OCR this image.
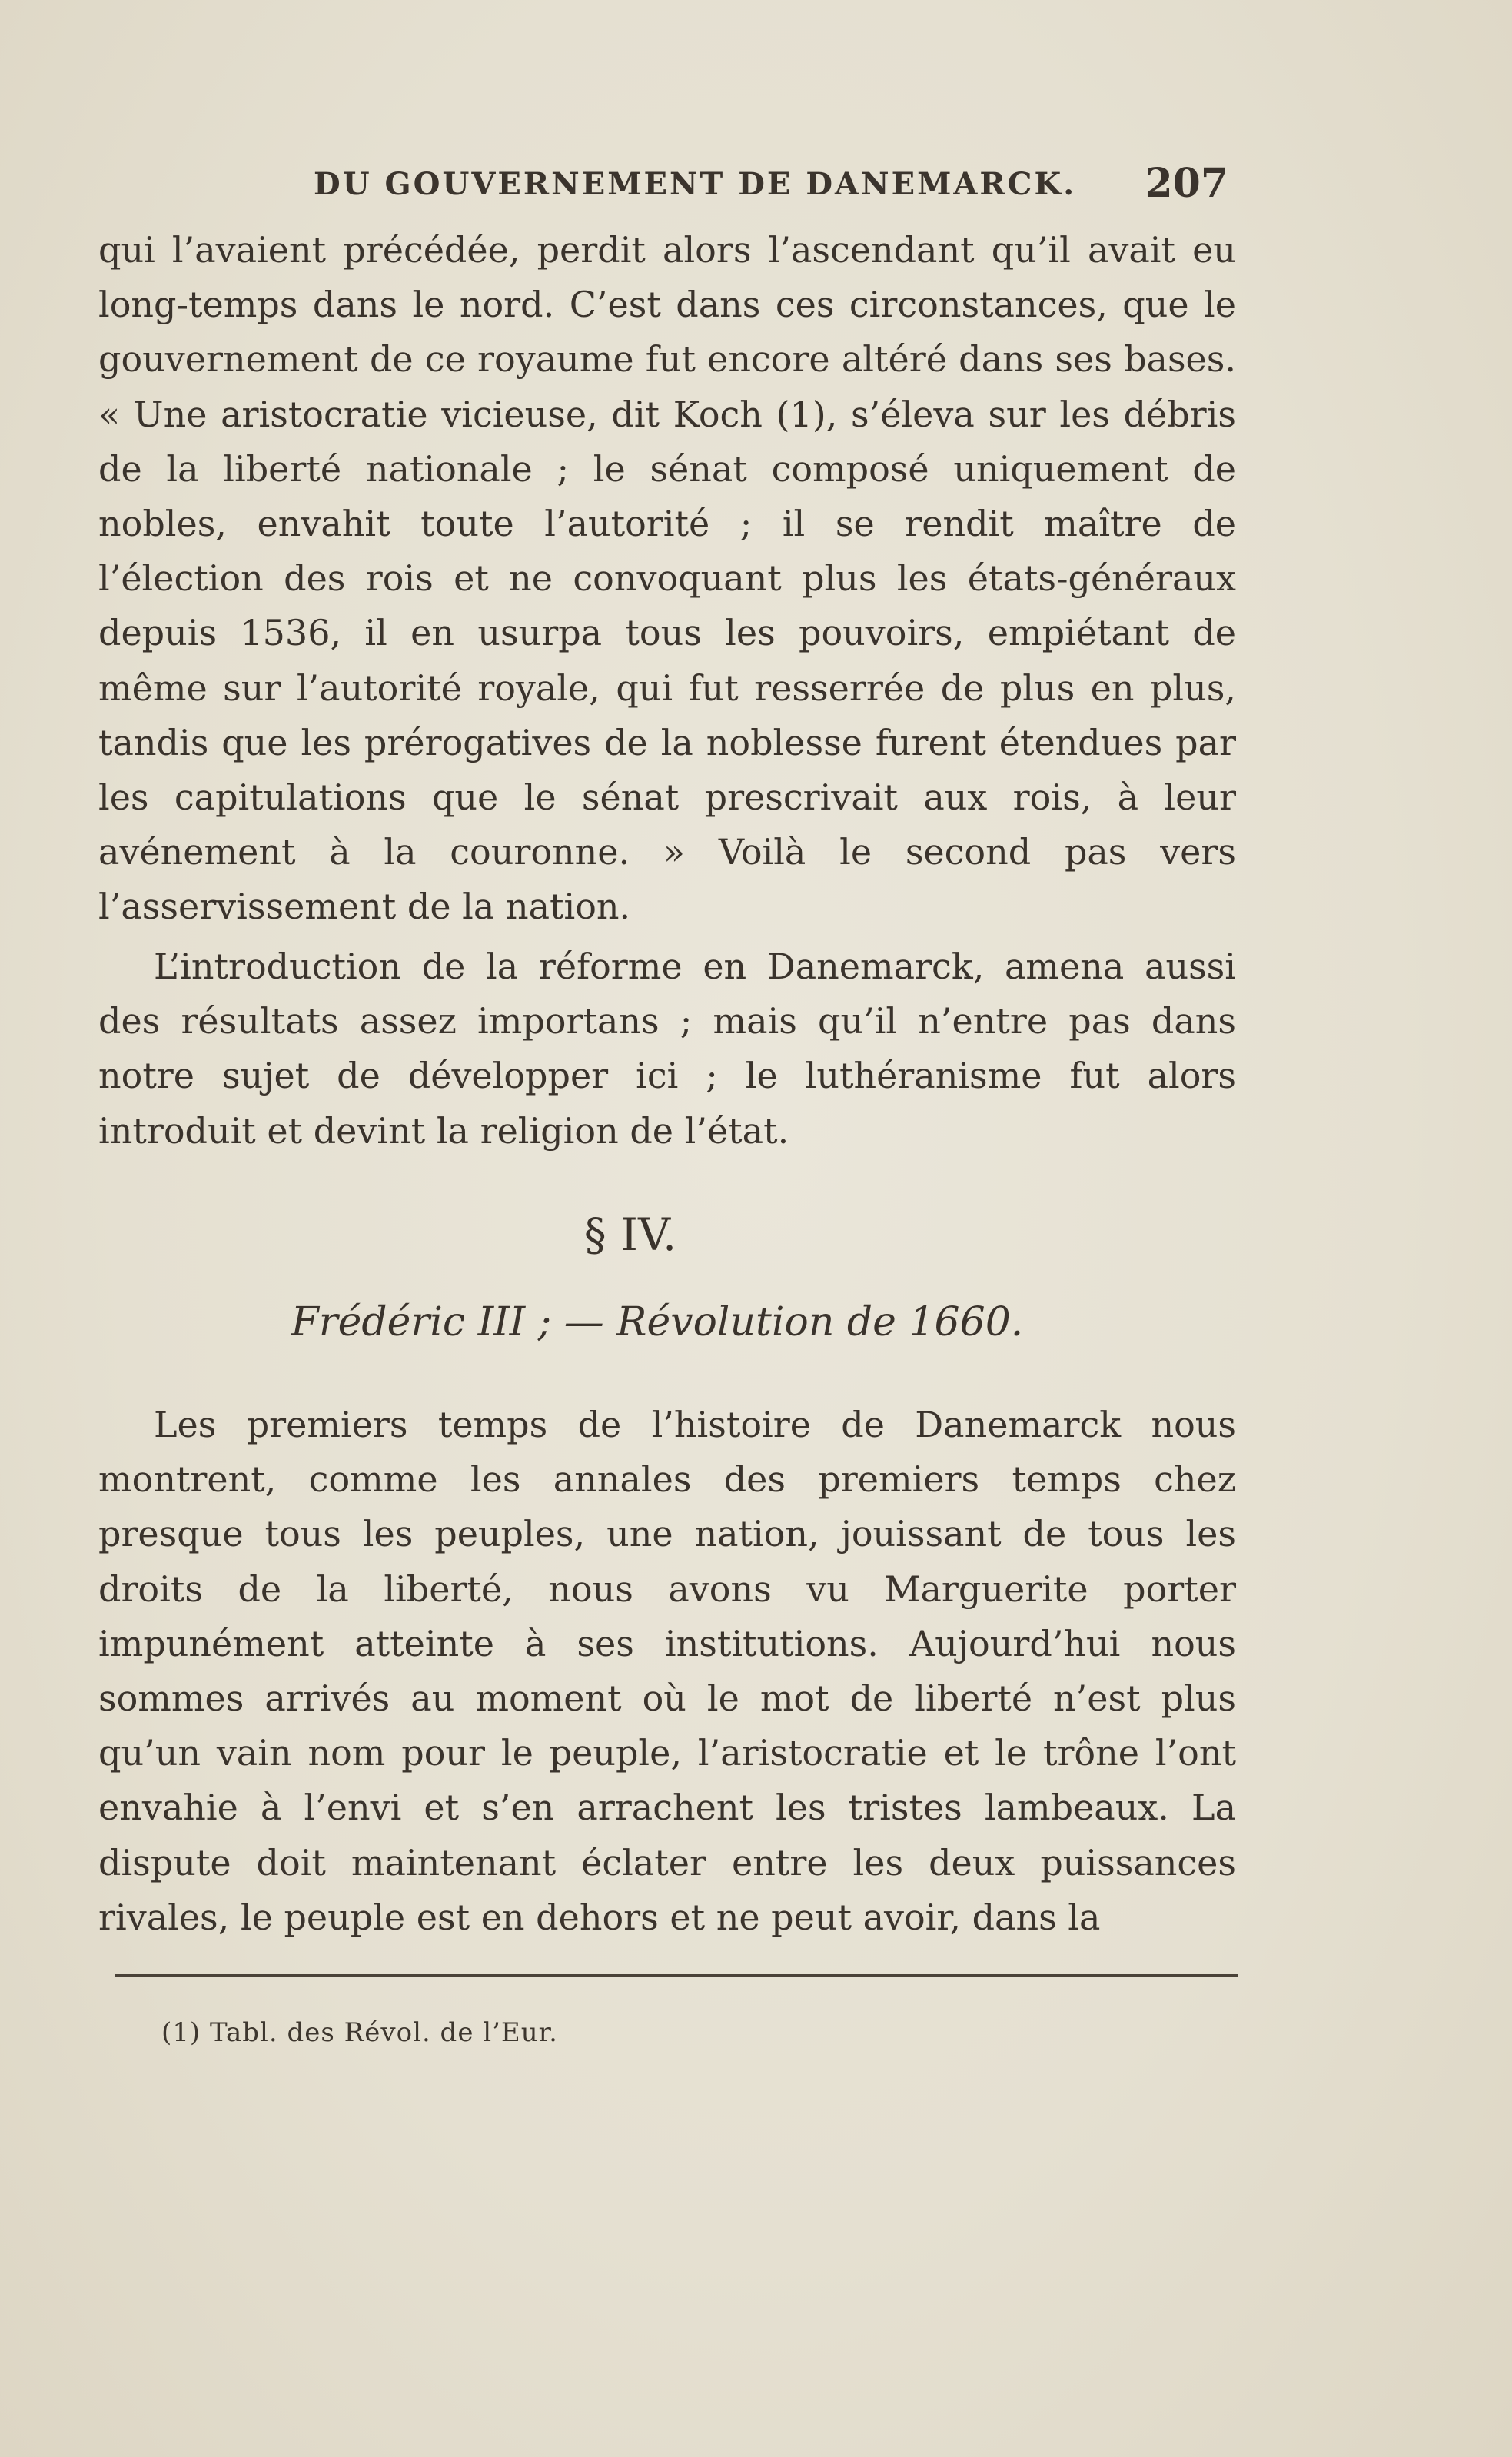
DU GOUVERNEMENT DE DANEMARCK. 207

qui l’avaient précédée, perdit alors l’ascendant qu’il avait eu long-temps dans le nord. C’est dans ces circonstances, que le gouvernement de ce royaume fut encore altéré dans ses bases. « Une aristocratie vicieuse, dit Koch (1), s’éleva sur les débris de la liberté nationale ; le sénat composé uniquement de nobles, envahit toute l’autorité ; il se rendit maître de l’élection des rois et ne convoquant plus les états-généraux depuis 1536, il en usurpa tous les pouvoirs, empiétant de même sur l’autorité royale, qui fut resserrée de plus en plus, tandis que les prérogatives de la noblesse furent étendues par les capitulations que le sénat prescrivait aux rois, à leur avénement à la couronne. » Voilà le second pas vers l’asservissement de la nation.

L’introduction de la réforme en Danemarck, amena aussi des résultats assez importans ; mais qu’il n’entre pas dans notre sujet de développer ici ; le luthéranisme fut alors introduit et devint la religion de l’état.

§ IV.
Frédéric III ; — Révolution de 1660.

Les premiers temps de l’histoire de Danemarck nous montrent, comme les annales des premiers temps chez presque tous les peuples, une nation, jouissant de tous les droits de la liberté, nous avons vu Marguerite porter impunément atteinte à ses institutions. Aujourd’hui nous sommes arrivés au moment où le mot de liberté n’est plus qu’un vain nom pour le peuple, l’aristocratie et le trône l’ont envahie à l’envi et s’en arrachent les tristes lambeaux. La dispute doit maintenant éclater entre les deux puissances rivales, le peuple est en dehors et ne peut avoir, dans la

(1) Tabl. des Révol. de l’Eur.
